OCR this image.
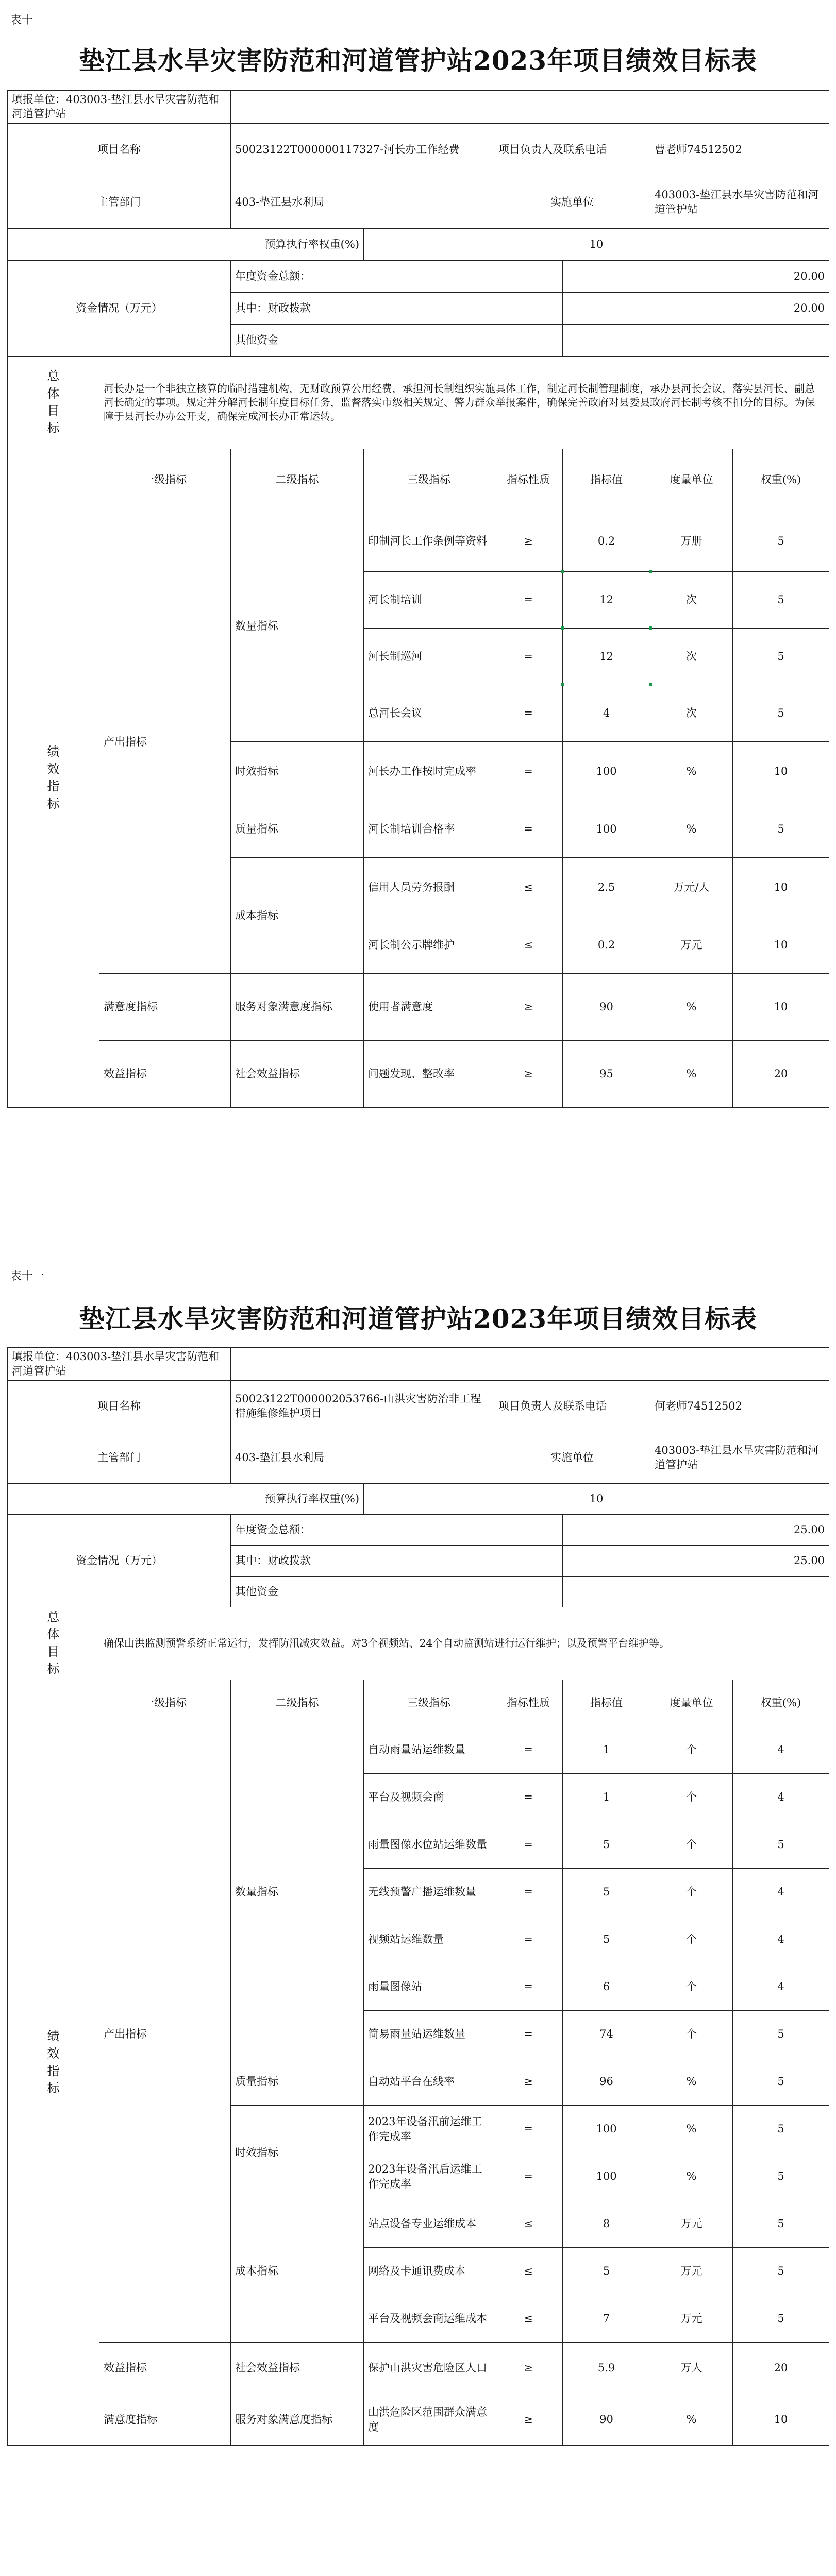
表十
垫江县水旱灾害防范和河道管护站2023年项目绩效目标表
填报单位：403003-垫江县水旱灾害防范和河道管护站							
项目名称		50023122T000000117327-河长办工作经费		项目负责人及联系电话		曹老师74512502	
主管部门		403-垫江县水利局		实施单位		403003-垫江县水旱灾害防范和河道管护站	
预算执行率权重(%)			10				
资金情况（万元）		年度资金总额：			20.00		
		其中：财政拨款			20.00		
		其他资金					

总体目标	河长办是一个非独立核算的临时措建机构，无财政预算公用经费，承担河长制组织实施具体工作，制定河长制管理制度，承办县河长会议，落实县河长、副总河长确定的事项。规定并分解河长制年度目标任务，监督落实市级相关规定、警力群众举报案件，确保完善政府对县委县政府河长制考核不扣分的目标。为保障于县河长办办公开支，确保完成河长办正常运转。						

绩效指标	一级指标	二级指标	三级指标	指标性质	指标值	度量单位	权重(%)
	产出指标	数量指标	印制河长工作条例等资料	≥	0.2	万册	5
			河长制培训	=	12	次	5
			河长制巡河	=	12	次	5
			总河长会议	=	4	次	5
		时效指标	河长办工作按时完成率	=	100	%	10
		质量指标	河长制培训合格率	=	100	%	5
		成本指标	信用人员劳务报酬	≤	2.5	万元/人	10
			河长制公示牌维护	≤	0.2	万元	10
	满意度指标	服务对象满意度指标	使用者满意度	≥	90	%	10
	效益指标	社会效益指标	问题发现、整改率	≥	95	%	20
表十一
垫江县水旱灾害防范和河道管护站2023年项目绩效目标表
填报单位：403003-垫江县水旱灾害防范和河道管护站							
项目名称		50023122T000002053766-山洪灾害防治非工程措施维修维护项目		项目负责人及联系电话		何老师74512502	
主管部门		403-垫江县水利局		实施单位		403003-垫江县水旱灾害防范和河道管护站	
预算执行率权重(%)			10				
资金情况（万元）		年度资金总额：			25.00		
		其中：财政拨款			25.00		
		其他资金					

总体目标	确保山洪监测预警系统正常运行，发挥防汛减灾效益。对3个视频站、24个自动监测站进行运行维护；以及预警平台维护等。						

绩效指标	一级指标	二级指标	三级指标	指标性质	指标值	度量单位	权重(%)
	产出指标	数量指标	自动雨量站运维数量	=	1	个	4
			平台及视频会商	=	1	个	4
			雨量图像水位站运维数量	=	5	个	5
			无线预警广播运维数量	=	5	个	4
			视频站运维数量	=	5	个	4
			雨量图像站	=	6	个	4
			简易雨量站运维数量	=	74	个	5
		质量指标	自动站平台在线率	≥	96	%	5
		时效指标	2023年设备汛前运维工作完成率	=	100	%	5
			2023年设备汛后运维工作完成率	=	100	%	5
		成本指标	站点设备专业运维成本	≤	8	万元	5
			网络及卡通讯费成本	≤	5	万元	5
			平台及视频会商运维成本	≤	7	万元	5
	效益指标	社会效益指标	保护山洪灾害危险区人口	≥	5.9	万人	20
	满意度指标	服务对象满意度指标	山洪危险区范围群众满意度	≥	90	%	10
